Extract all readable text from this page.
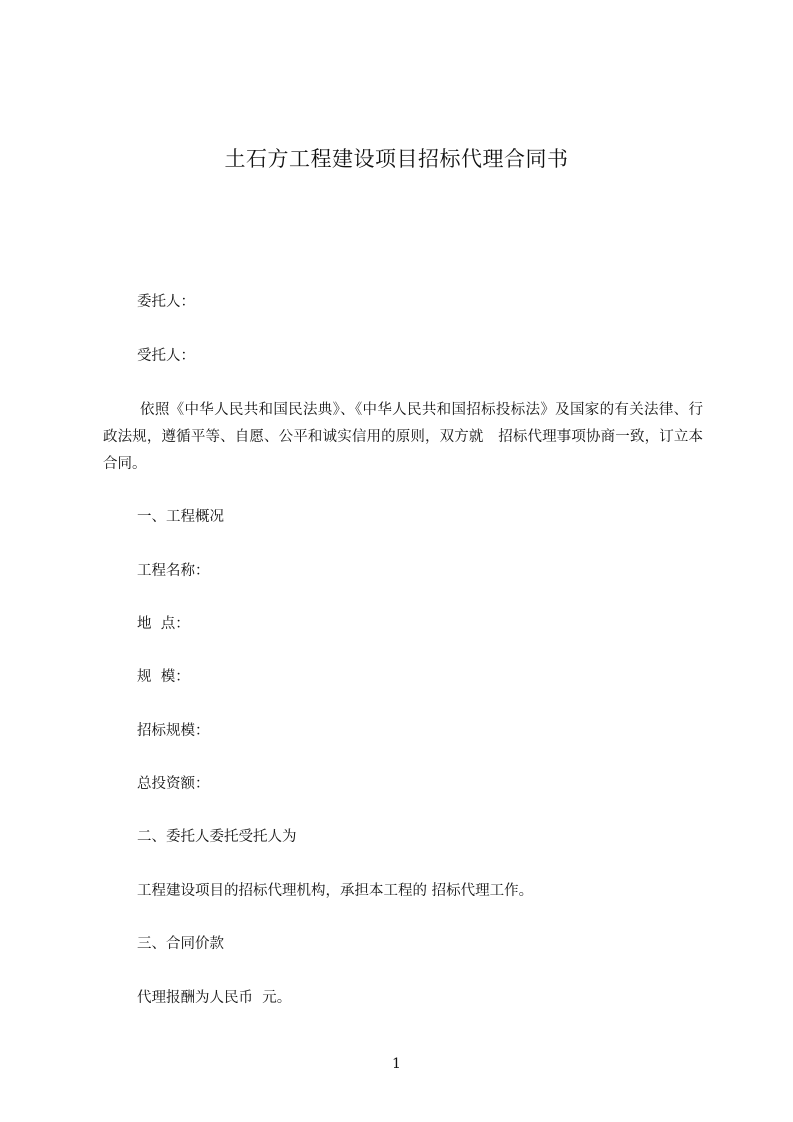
土石方工程建设项目招标代理合同书
委托人：
受托人：
依照《中华人民共和国民法典》、《中华人民共和国招标投标法》及国家的有关法律、行政法规，遵循平等、自愿、公平和诚实信用的原则，双方就　招标代理事项协商一致，订立本合同。
一、工程概况
工程名称：
地  点：
规  模：
招标规模：
总投资额：
二、委托人委托受托人为
工程建设项目的招标代理机构，承担本工程的 招标代理工作。
三、合同价款
代理报酬为人民币  元。
1
